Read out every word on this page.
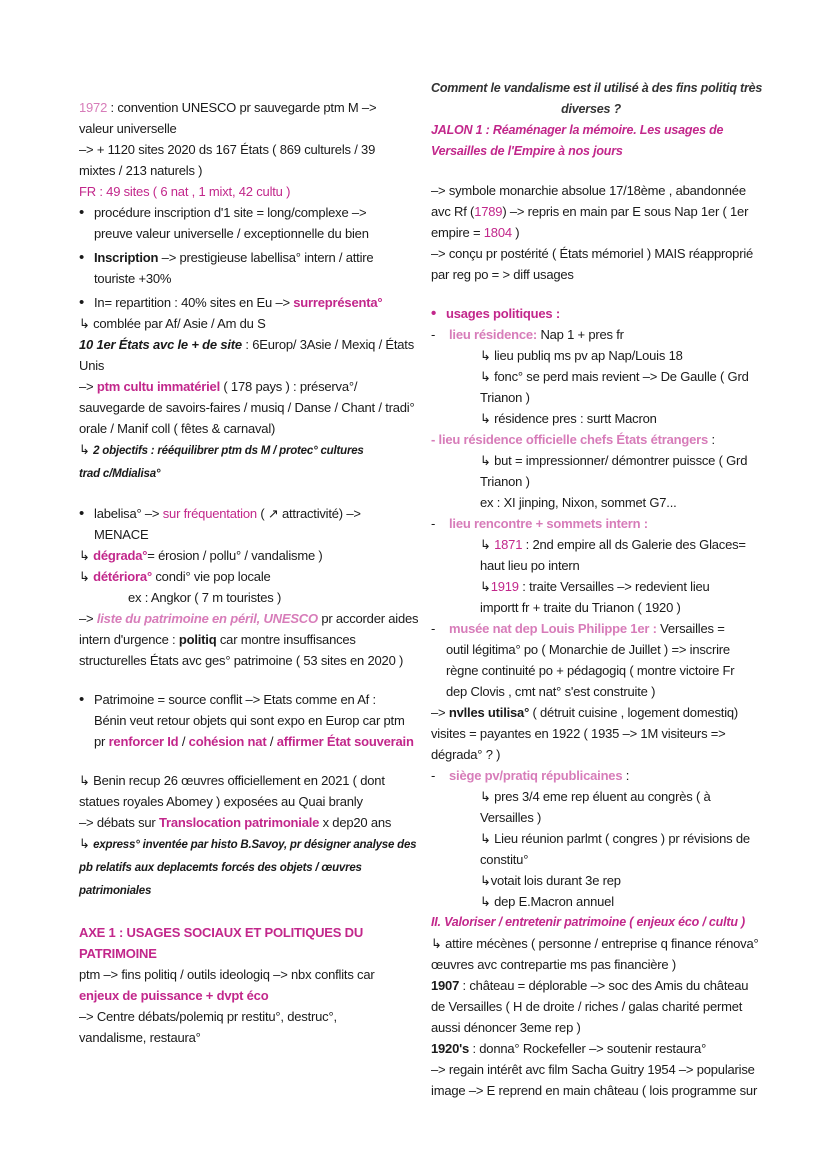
1972 : convention UNESCO pr sauvegarde ptm M –>

valeur universelle

–> + 1120 sites 2020 ds 167 États ( 869 culturels / 39

mixtes / 213 naturels )

FR : 49 sites ( 6 nat , 1 mixt, 42 cultu )

• procédure inscription d'1 site = long/complexe –>

preuve valeur universelle / exceptionnelle du bien

• Inscription –> prestigieuse labellisa° intern / attire

touriste +30%

• In= repartition : 40% sites en Eu –> surreprésenta°

↳ comblée par Af/ Asie / Am du S

10 1er États avc le + de site : 6Europ/ 3Asie / Mexiq / États

Unis

–> ptm cultu immatériel ( 178 pays ) : préserva°/

sauvegarde de savoirs-faires / musiq / Danse / Chant / tradi°

orale / Manif coll ( fêtes & carnaval)

↳ 2 objectifs : rééquilibrer ptm ds M / protec° cultures

trad c/Mdialisa°

• labelisa° –> sur fréquentation ( ↗ attractivité) –>

MENACE

↳ dégrada°= érosion / pollu° / vandalisme )

↳ détériora° condi° vie pop locale

ex : Angkor ( 7 m touristes )

–> liste du patrimoine en péril, UNESCO pr accorder aides

intern d'urgence : politiq car montre insuffisances

structurelles États avc ges° patrimoine ( 53 sites en 2020 )

• Patrimoine = source conflit –> Etats comme en Af :

Bénin veut retour objets qui sont expo en Europ car ptm

pr renforcer Id / cohésion nat / affirmer État souverain

↳ Benin recup 26 œuvres officiellement en 2021 ( dont

statues royales Abomey ) exposées au Quai branly

–> débats sur Translocation patrimoniale x dep20 ans

↳ express° inventée par histo B.Savoy, pr désigner analyse des

pb relatifs aux deplacemts forcés des objets / œuvres

patrimoniales

AXE 1 : USAGES SOCIAUX ET POLITIQUES DU

PATRIMOINE

ptm –> fins politiq / outils ideologiq –> nbx conflits car

enjeux de puissance + dvpt éco

–> Centre débats/polemiq pr restitu°, destruc°,

vandalisme, restaura°

Comment le vandalisme est il utilisé à des fins politiq très

diverses ?

JALON 1 : Réaménager la mémoire. Les usages de

Versailles de l'Empire à nos jours

–> symbole monarchie absolue 17/18ème , abandonnée

avc Rf (1789) –> repris en main par E sous Nap 1er ( 1er

empire = 1804 )

–> conçu pr postérité ( États mémoriel ) MAIS réapproprié

par reg po = > diff usages

• usages politiques :

- lieu résidence: Nap 1 + pres fr

↳ lieu publiq ms pv ap Nap/Louis 18

↳ fonc° se perd mais revient –> De Gaulle ( Grd

Trianon )

↳ résidence pres : surtt Macron

- lieu résidence officielle chefs États étrangers :

↳ but = impressionner/ démontrer puissce ( Grd

Trianon )

ex : XI jinping, Nixon, sommet G7...

- lieu rencontre + sommets intern :

↳ 1871 : 2nd empire all ds Galerie des Glaces=

haut lieu po intern

↳1919 : traite Versailles –> redevient lieu

importt fr + traite du Trianon ( 1920 )

- musée nat dep Louis Philippe 1er : Versailles =

outil légitima° po ( Monarchie de Juillet ) => inscrire

règne continuité po + pédagogiq ( montre victoire Fr

dep Clovis , cmt nat° s'est construite )

–> nvlles utilisa° ( détruit cuisine , logement domestiq)

visites = payantes en 1922 ( 1935 –> 1M visiteurs =>

dégrada° ? )

- siège pv/pratiq républicaines :

↳ pres 3/4 eme rep éluent au congrès ( à

Versailles )

↳ Lieu réunion parlmt ( congres ) pr révisions de

constitu°

↳votait lois durant 3e rep

↳ dep E.Macron annuel

II. Valoriser / entretenir patrimoine ( enjeux éco / cultu )

↳ attire mécènes ( personne / entreprise q finance rénova°

œuvres avc contrepartie ms pas financière )

1907 : château = déplorable –> soc des Amis du château

de Versailles ( H de droite / riches / galas charité permet

aussi dénoncer 3eme rep )

1920's : donna° Rockefeller –> soutenir restaura°

–> regain intérêt avc film Sacha Guitry 1954 –> popularise

image –> E reprend en main château ( lois programme sur
